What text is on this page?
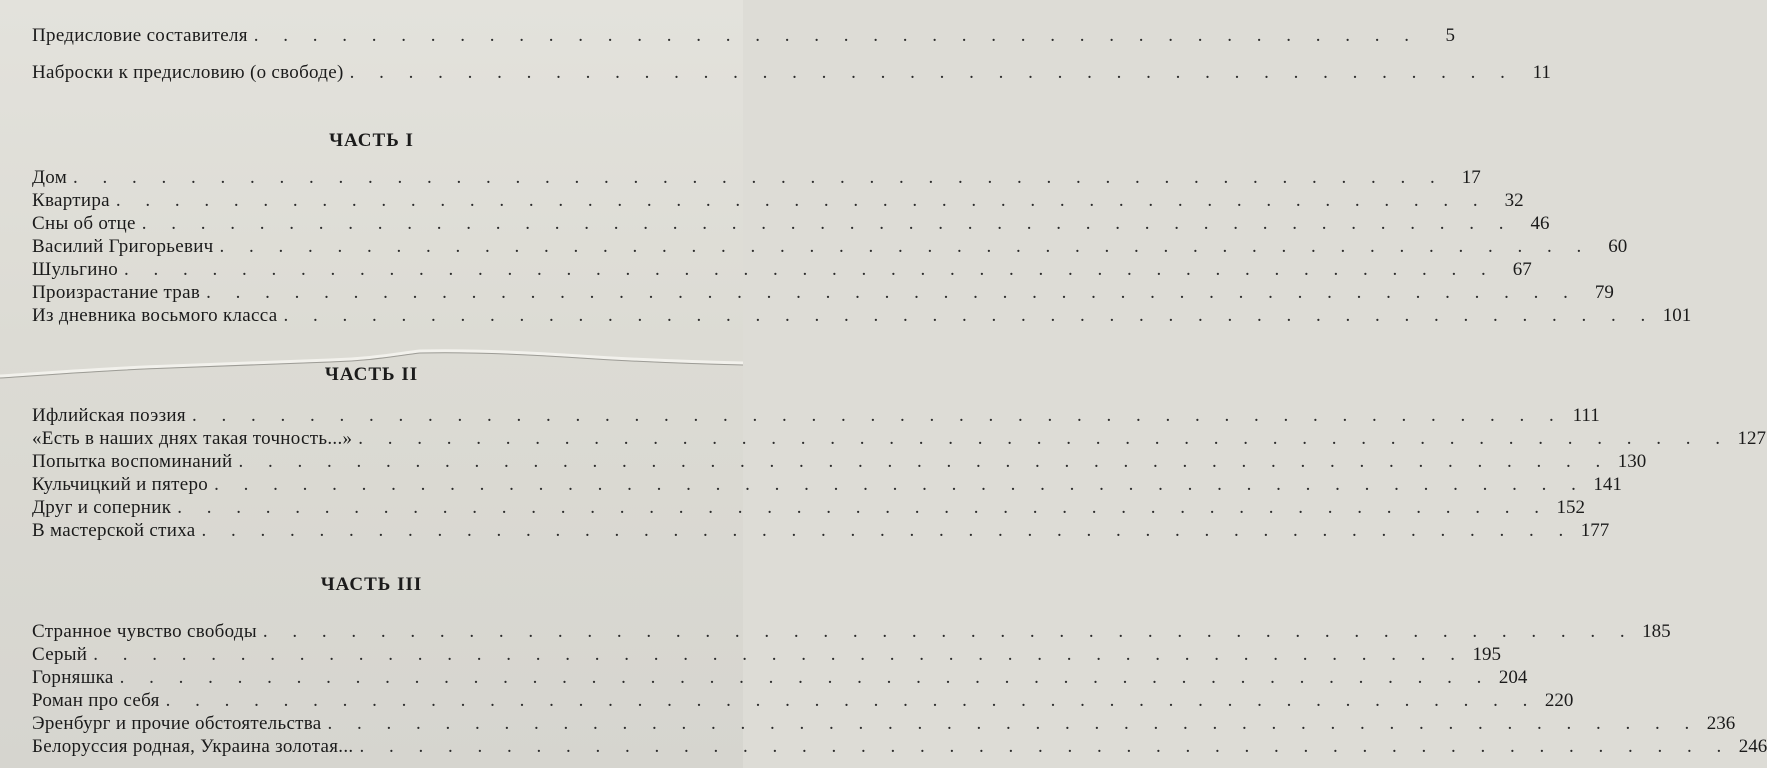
Предисловие составителя . . . . . . . . . . . . . . . . . . . . . . . . . . . . . . . . . . . . . . . .	5
Наброски к предисловию (о свободе) . . . . . . . . . . . . . . . . . . . . . . . . . . . . . . . . . . . . . . . . 11
ЧАСТЬ I
Дом . . . . . . . . . . . . . . . . . . . . . . . . . . . . . . . . . . . . . . . . . . . . . . . 17
Квартира . . . . . . . . . . . . . . . . . . . . . . . . . . . . . . . . . . . . . . . . . . . . . . . 32
Сны об отце . . . . . . . . . . . . . . . . . . . . . . . . . . . . . . . . . . . . . . . . . . . . . . . 46
Василий Григорьевич . . . . . . . . . . . . . . . . . . . . . . . . . . . . . . . . . . . . . . . . . . . . . . . 60
Шульгино . . . . . . . . . . . . . . . . . . . . . . . . . . . . . . . . . . . . . . . . . . . . . . . 67
Произрастание трав . . . . . . . . . . . . . . . . . . . . . . . . . . . . . . . . . . . . . . . . . . . . . . . 79
Из дневника восьмого класса . . . . . . . . . . . . . . . . . . . . . . . . . . . . . . . . . . . . . . . . . . . . . . . 101
ЧАСТЬ II
Ифлийская поэзия . . . . . . . . . . . . . . . . . . . . . . . . . . . . . . . . . . . . . . . . . . . . . . . 111
«Есть в наших днях такая точность...» . . . . . . . . . . . . . . . . . . . . . . . . . . . . . . . . . . . . . . . . . . . . . . . 127
Попытка воспоминаний . . . . . . . . . . . . . . . . . . . . . . . . . . . . . . . . . . . . . . . . . . . . . . . 130
Кульчицкий и пятеро . . . . . . . . . . . . . . . . . . . . . . . . . . . . . . . . . . . . . . . . . . . . . . . 141
Друг и соперник . . . . . . . . . . . . . . . . . . . . . . . . . . . . . . . . . . . . . . . . . . . . . . . 152
В мастерской стиха . . . . . . . . . . . . . . . . . . . . . . . . . . . . . . . . . . . . . . . . . . . . . . . 177
ЧАСТЬ III
Странное чувство свободы . . . . . . . . . . . . . . . . . . . . . . . . . . . . . . . . . . . . . . . . . . . . . . . 185
Серый . . . . . . . . . . . . . . . . . . . . . . . . . . . . . . . . . . . . . . . . . . . . . . . 195
Горняшка . . . . . . . . . . . . . . . . . . . . . . . . . . . . . . . . . . . . . . . . . . . . . . . 204
Роман про себя . . . . . . . . . . . . . . . . . . . . . . . . . . . . . . . . . . . . . . . . . . . . . . . 220
Эренбург и прочие обстоятельства . . . . . . . . . . . . . . . . . . . . . . . . . . . . . . . . . . . . . . . . . . . . . . . 236
Белоруссия родная, Украина золотая... . . . . . . . . . . . . . . . . . . . . . . . . . . . . . . . . . . . . . . . . . . . . . . . 246
